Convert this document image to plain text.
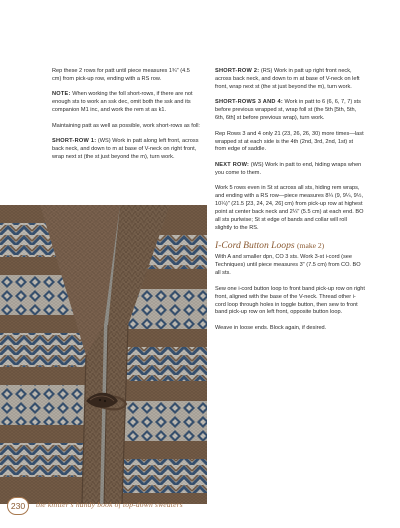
Rep these 2 rows for patt until piece measures 1¾" (4.5 cm) from pick-up row, ending with a RS row.

NOTE: When working the foll short-rows, if there are not enough sts to work an ssk dec, omit both the ssk and its companion M1 inc, and work the rem st as k1.

Maintaining patt as well as possible, work short-rows as foll:

SHORT-ROW 1: (WS) Work in patt along left front, across back neck, and down to m at base of V-neck on right front, wrap next st (the st just beyond the m), turn work.

SHORT-ROW 2: (RS) Work in patt up right front neck, across back neck, and down to m at base of V-neck on left front, wrap next st (the st just beyond the m), turn work.

SHORT-ROWS 3 AND 4: Work in patt to 6 (6, 6, 7, 7) sts before previous wrapped st, wrap foll st (the 5th [5th, 5th, 6th, 6th] st before previous wrap), turn work.

Rep Rows 3 and 4 only 21 (23, 26, 26, 30) more times—last wrapped st at each side is the 4th (2nd, 3rd, 2nd, 1st) st from edge of saddle.

NEXT ROW: (WS) Work in patt to end, hiding wraps when you come to them.

Work 5 rows even in St st across all sts, hiding rem wraps, and ending with a RS row—piece measures 8¼ (9, 9¼, 9½, 10¼)" (21.5 [23, 24, 24, 26] cm) from pick-up row at highest point at center back neck and 2¼" (5.5 cm) at each end. BO all sts purlwise; St st edge of bands and collar will roll slightly to the RS.

I-Cord Button Loops (make 2)

With A and smaller dpn, CO 3 sts. Work 3-st i-cord (see Techniques) until piece measures 3" (7.5 cm) from CO. BO all sts.

Sew one i-cord button loop to front band pick-up row on right front, aligned with the base of the V-neck. Thread other i-cord loop through holes in toggle button, then sew to front band pick-up row on left front, opposite button loop.

Weave in loose ends. Block again, if desired.

230	the knitter's handy book of top-down sweaters
